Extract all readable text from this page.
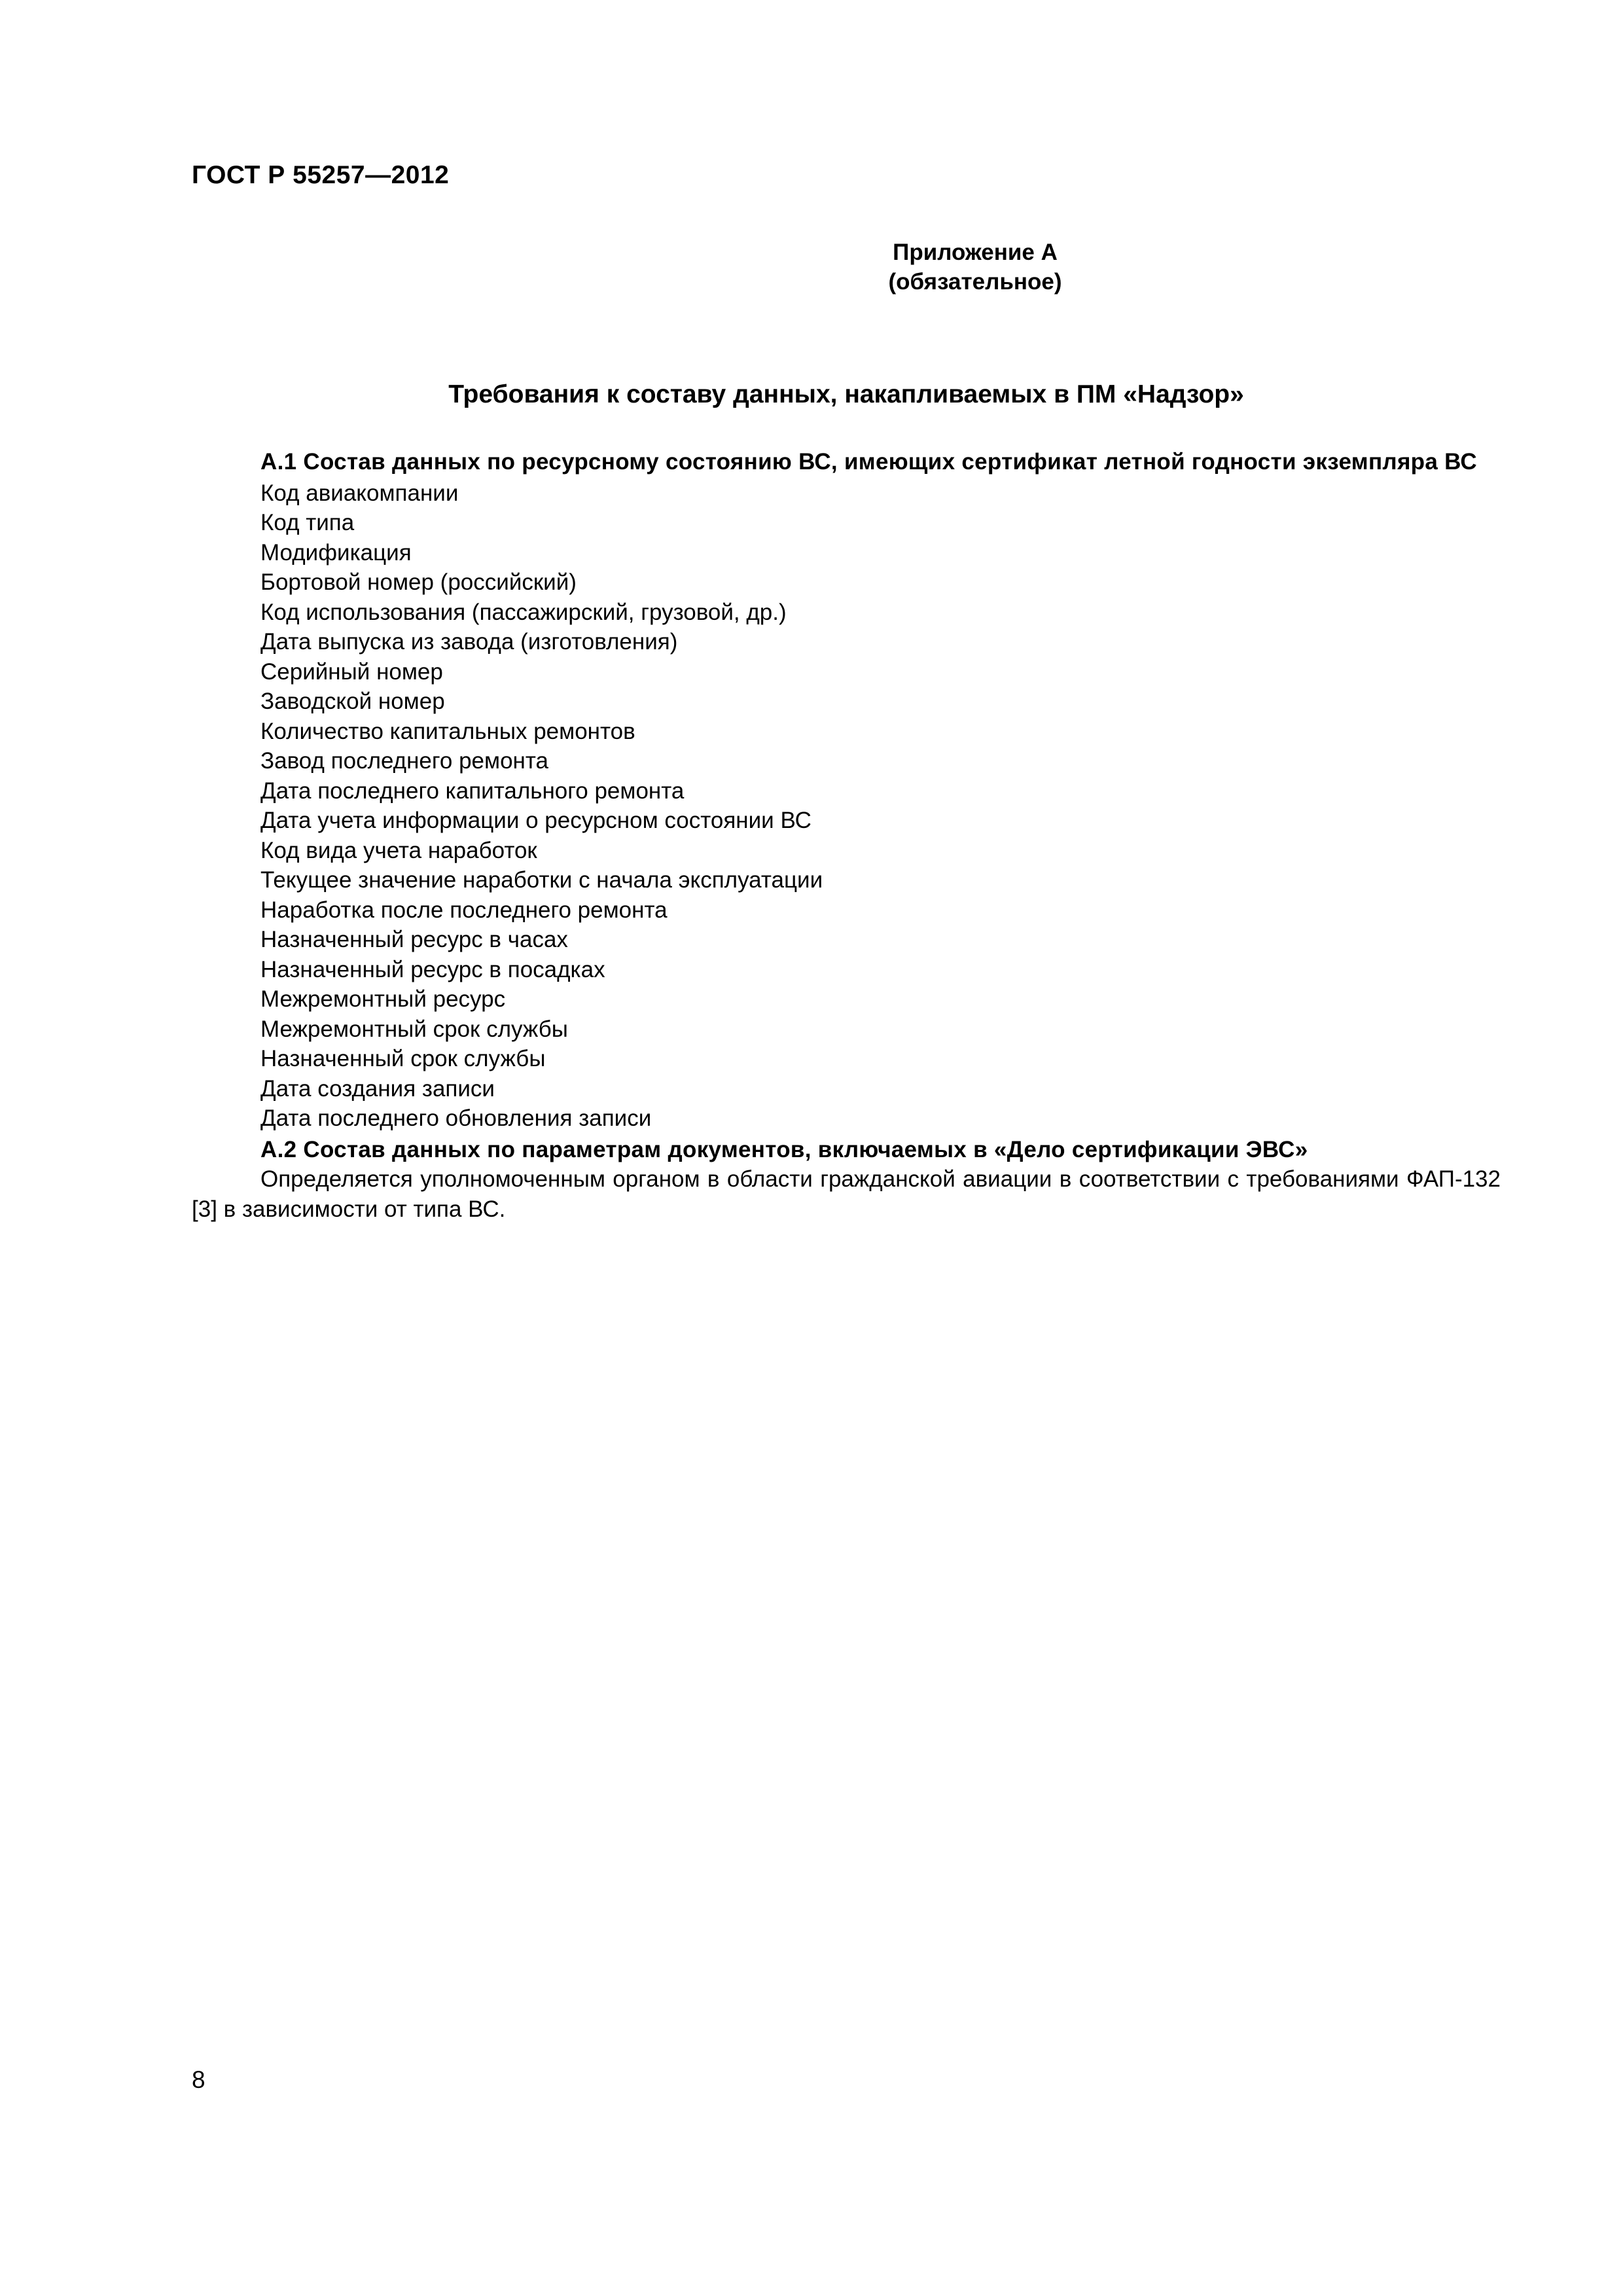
ГОСТ Р 55257—2012
Приложение А
(обязательное)
Требования к составу данных, накапливаемых в ПМ «Надзор»

А.1 Состав данных по ресурсному состоянию ВС, имеющих сертификат летной годности экземпляра ВС

Код авиакомпании
Код типа
Модификация
Бортовой номер (российский)
Код использования (пассажирский, грузовой, др.)
Дата выпуска из завода (изготовления)
Серийный номер
Заводской номер
Количество капитальных ремонтов
Завод последнего ремонта
Дата последнего капитального ремонта
Дата учета информации о ресурсном состоянии ВС
Код вида учета наработок
Текущее значение наработки с начала эксплуатации
Наработка после последнего ремонта
Назначенный ресурс в часах
Назначенный ресурс в посадках
Межремонтный ресурс
Межремонтный срок службы
Назначенный срок службы
Дата создания записи
Дата последнего обновления записи

А.2 Состав данных по параметрам документов, включаемых в «Дело сертификации ЭВС»

Определяется уполномоченным органом в области гражданской авиации в соответствии с требованиями ФАП-132 [3] в зависимости от типа ВС.

8
